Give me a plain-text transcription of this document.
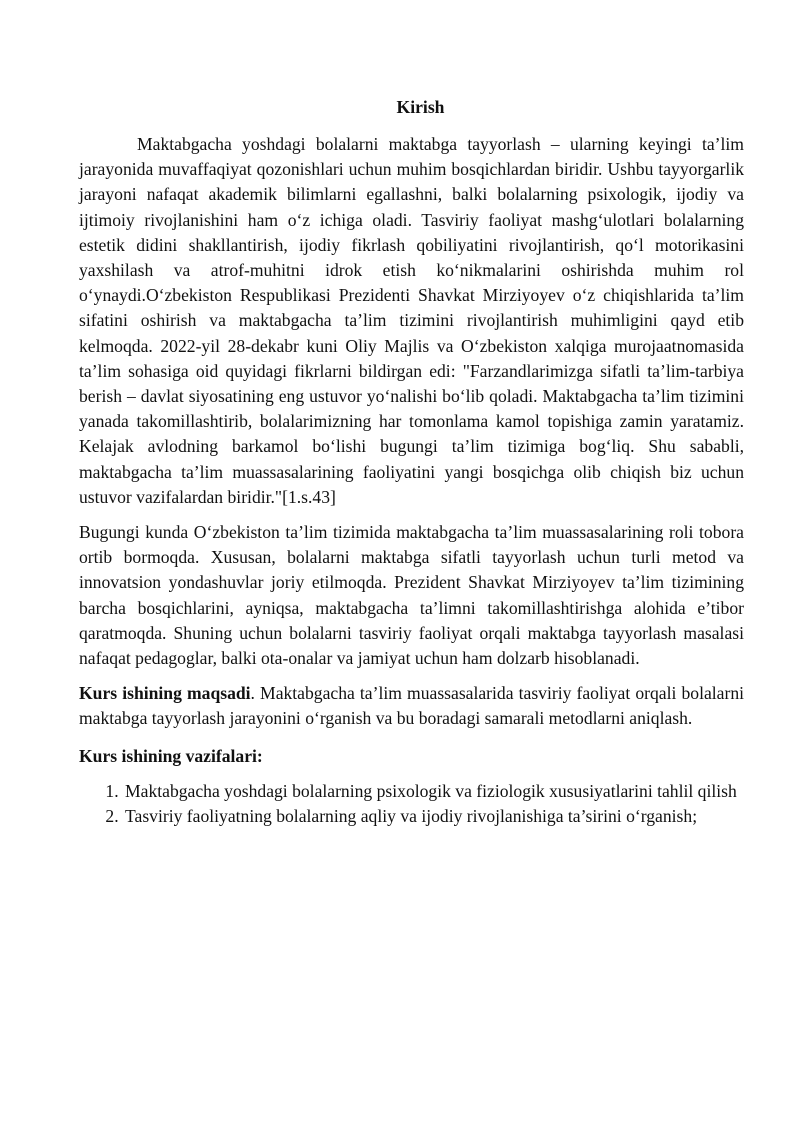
Kirish

Maktabgacha yoshdagi bolalarni maktabga tayyorlash – ularning keyingi ta’lim jarayonida muvaffaqiyat qozonishlari uchun muhim bosqichlardan biridir. Ushbu tayyorgarlik jarayoni nafaqat akademik bilimlarni egallashni, balki bolalarning psixologik, ijodiy va ijtimoiy rivojlanishini ham o‘z ichiga oladi. Tasviriy faoliyat mashg‘ulotlari bolalarning estetik didini shakllantirish, ijodiy fikrlash qobiliyatini rivojlantirish, qo‘l motorikasini yaxshilash va atrof-muhitni idrok etish ko‘nikmalarini oshirishda muhim rol o‘ynaydi.O‘zbekiston Respublikasi Prezidenti Shavkat Mirziyoyev o‘z chiqishlarida ta’lim sifatini oshirish va maktabgacha ta’lim tizimini rivojlantirish muhimligini qayd etib kelmoqda. 2022-yil 28-dekabr kuni Oliy Majlis va O‘zbekiston xalqiga murojaatnomasida ta’lim sohasiga oid quyidagi fikrlarni bildirgan edi: "Farzandlarimizga sifatli ta’lim-tarbiya berish – davlat siyosatining eng ustuvor yo‘nalishi bo‘lib qoladi. Maktabgacha ta’lim tizimini yanada takomillashtirib, bolalarimizning har tomonlama kamol topishiga zamin yaratamiz. Kelajak avlodning barkamol bo‘lishi bugungi ta’lim tizimiga bog‘liq. Shu sababli, maktabgacha ta’lim muassasalarining faoliyatini yangi bosqichga olib chiqish biz uchun ustuvor vazifalardan biridir."[1.s.43]

Bugungi kunda O‘zbekiston ta’lim tizimida maktabgacha ta’lim muassasalarining roli tobora ortib bormoqda. Xususan, bolalarni maktabga sifatli tayyorlash uchun turli metod va innovatsion yondashuvlar joriy etilmoqda. Prezident Shavkat Mirziyoyev ta’lim tizimining barcha bosqichlarini, ayniqsa, maktabgacha ta’limni takomillashtirishga alohida e’tibor qaratmoqda. Shuning uchun bolalarni tasviriy faoliyat orqali maktabga tayyorlash masalasi nafaqat pedagoglar, balki ota-onalar va jamiyat uchun ham dolzarb hisoblanadi.

Kurs ishining maqsadi. Maktabgacha ta’lim muassasalarida tasviriy faoliyat orqali bolalarni maktabga tayyorlash jarayonini o‘rganish va bu boradagi samarali metodlarni aniqlash.

Kurs ishining vazifalari:
1. Maktabgacha yoshdagi bolalarning psixologik va fiziologik xususiyatlarini tahlil qilish
2. Tasviriy faoliyatning bolalarning aqliy va ijodiy rivojlanishiga ta’sirini o‘rganish;
